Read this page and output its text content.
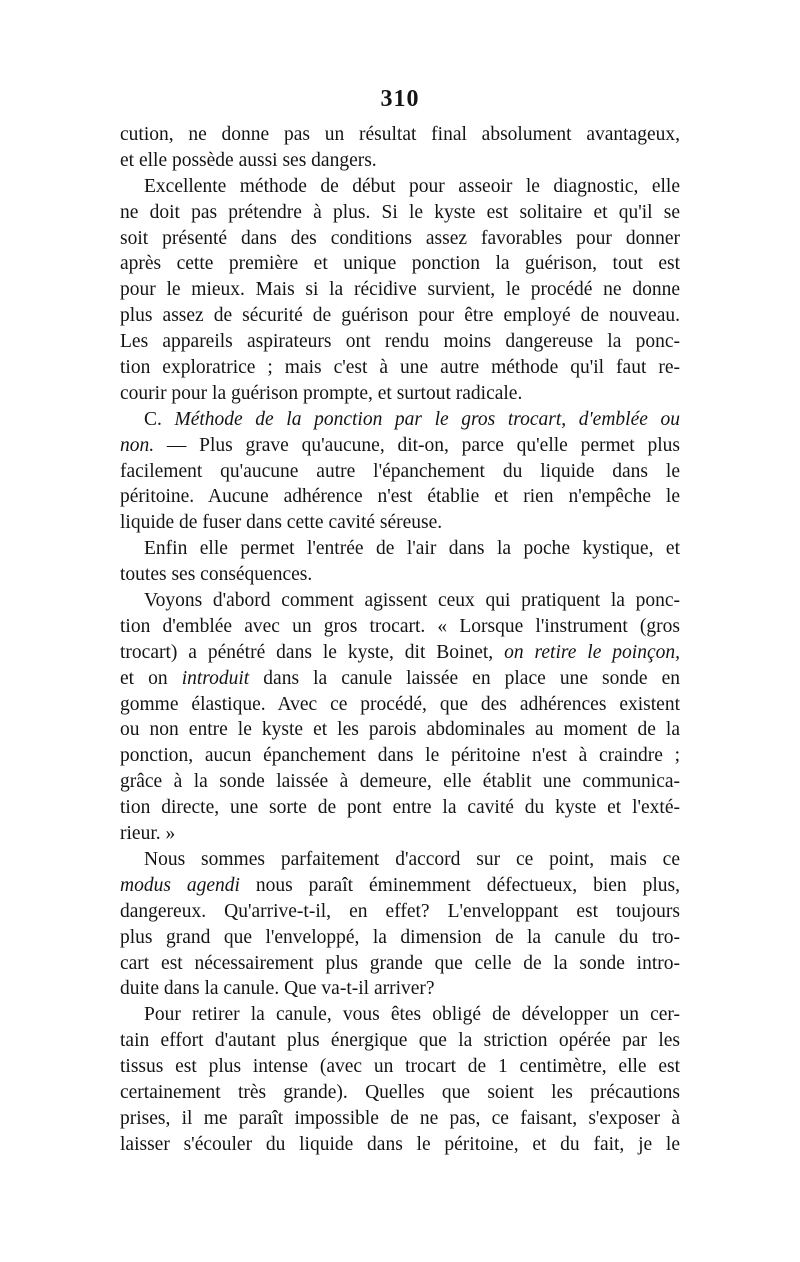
310
cution, ne donne pas un résultat final absolument avantageux,
et elle possède aussi ses dangers.
Excellente méthode de début pour asseoir le diagnostic, elle
ne doit pas prétendre à plus. Si le kyste est solitaire et qu'il se
soit présenté dans des conditions assez favorables pour donner
après cette première et unique ponction la guérison, tout est
pour le mieux. Mais si la récidive survient, le procédé ne donne
plus assez de sécurité de guérison pour être employé de nouveau.
Les appareils aspirateurs ont rendu moins dangereuse la ponc-
tion exploratrice ; mais c'est à une autre méthode qu'il faut re-
courir pour la guérison prompte, et surtout radicale.
C. Méthode de la ponction par le gros trocart, d'emblée ou
non. — Plus grave qu'aucune, dit-on, parce qu'elle permet plus
facilement qu'aucune autre l'épanchement du liquide dans le
péritoine. Aucune adhérence n'est établie et rien n'empêche le
liquide de fuser dans cette cavité séreuse.
Enfin elle permet l'entrée de l'air dans la poche kystique, et
toutes ses conséquences.
Voyons d'abord comment agissent ceux qui pratiquent la ponc-
tion d'emblée avec un gros trocart. « Lorsque l'instrument (gros
trocart) a pénétré dans le kyste, dit Boinet, on retire le poinçon,
et on introduit dans la canule laissée en place une sonde en
gomme élastique. Avec ce procédé, que des adhérences existent
ou non entre le kyste et les parois abdominales au moment de la
ponction, aucun épanchement dans le péritoine n'est à craindre ;
grâce à la sonde laissée à demeure, elle établit une communica-
tion directe, une sorte de pont entre la cavité du kyste et l'exté-
rieur. »
Nous sommes parfaitement d'accord sur ce point, mais ce
modus agendi nous paraît éminemment défectueux, bien plus,
dangereux. Qu'arrive-t-il, en effet? L'enveloppant est toujours
plus grand que l'enveloppé, la dimension de la canule du tro-
cart est nécessairement plus grande que celle de la sonde intro-
duite dans la canule. Que va-t-il arriver?
Pour retirer la canule, vous êtes obligé de développer un cer-
tain effort d'autant plus énergique que la striction opérée par les
tissus est plus intense (avec un trocart de 1 centimètre, elle est
certainement très grande). Quelles que soient les précautions
prises, il me paraît impossible de ne pas, ce faisant, s'exposer à
laisser s'écouler du liquide dans le péritoine, et du fait, je le
